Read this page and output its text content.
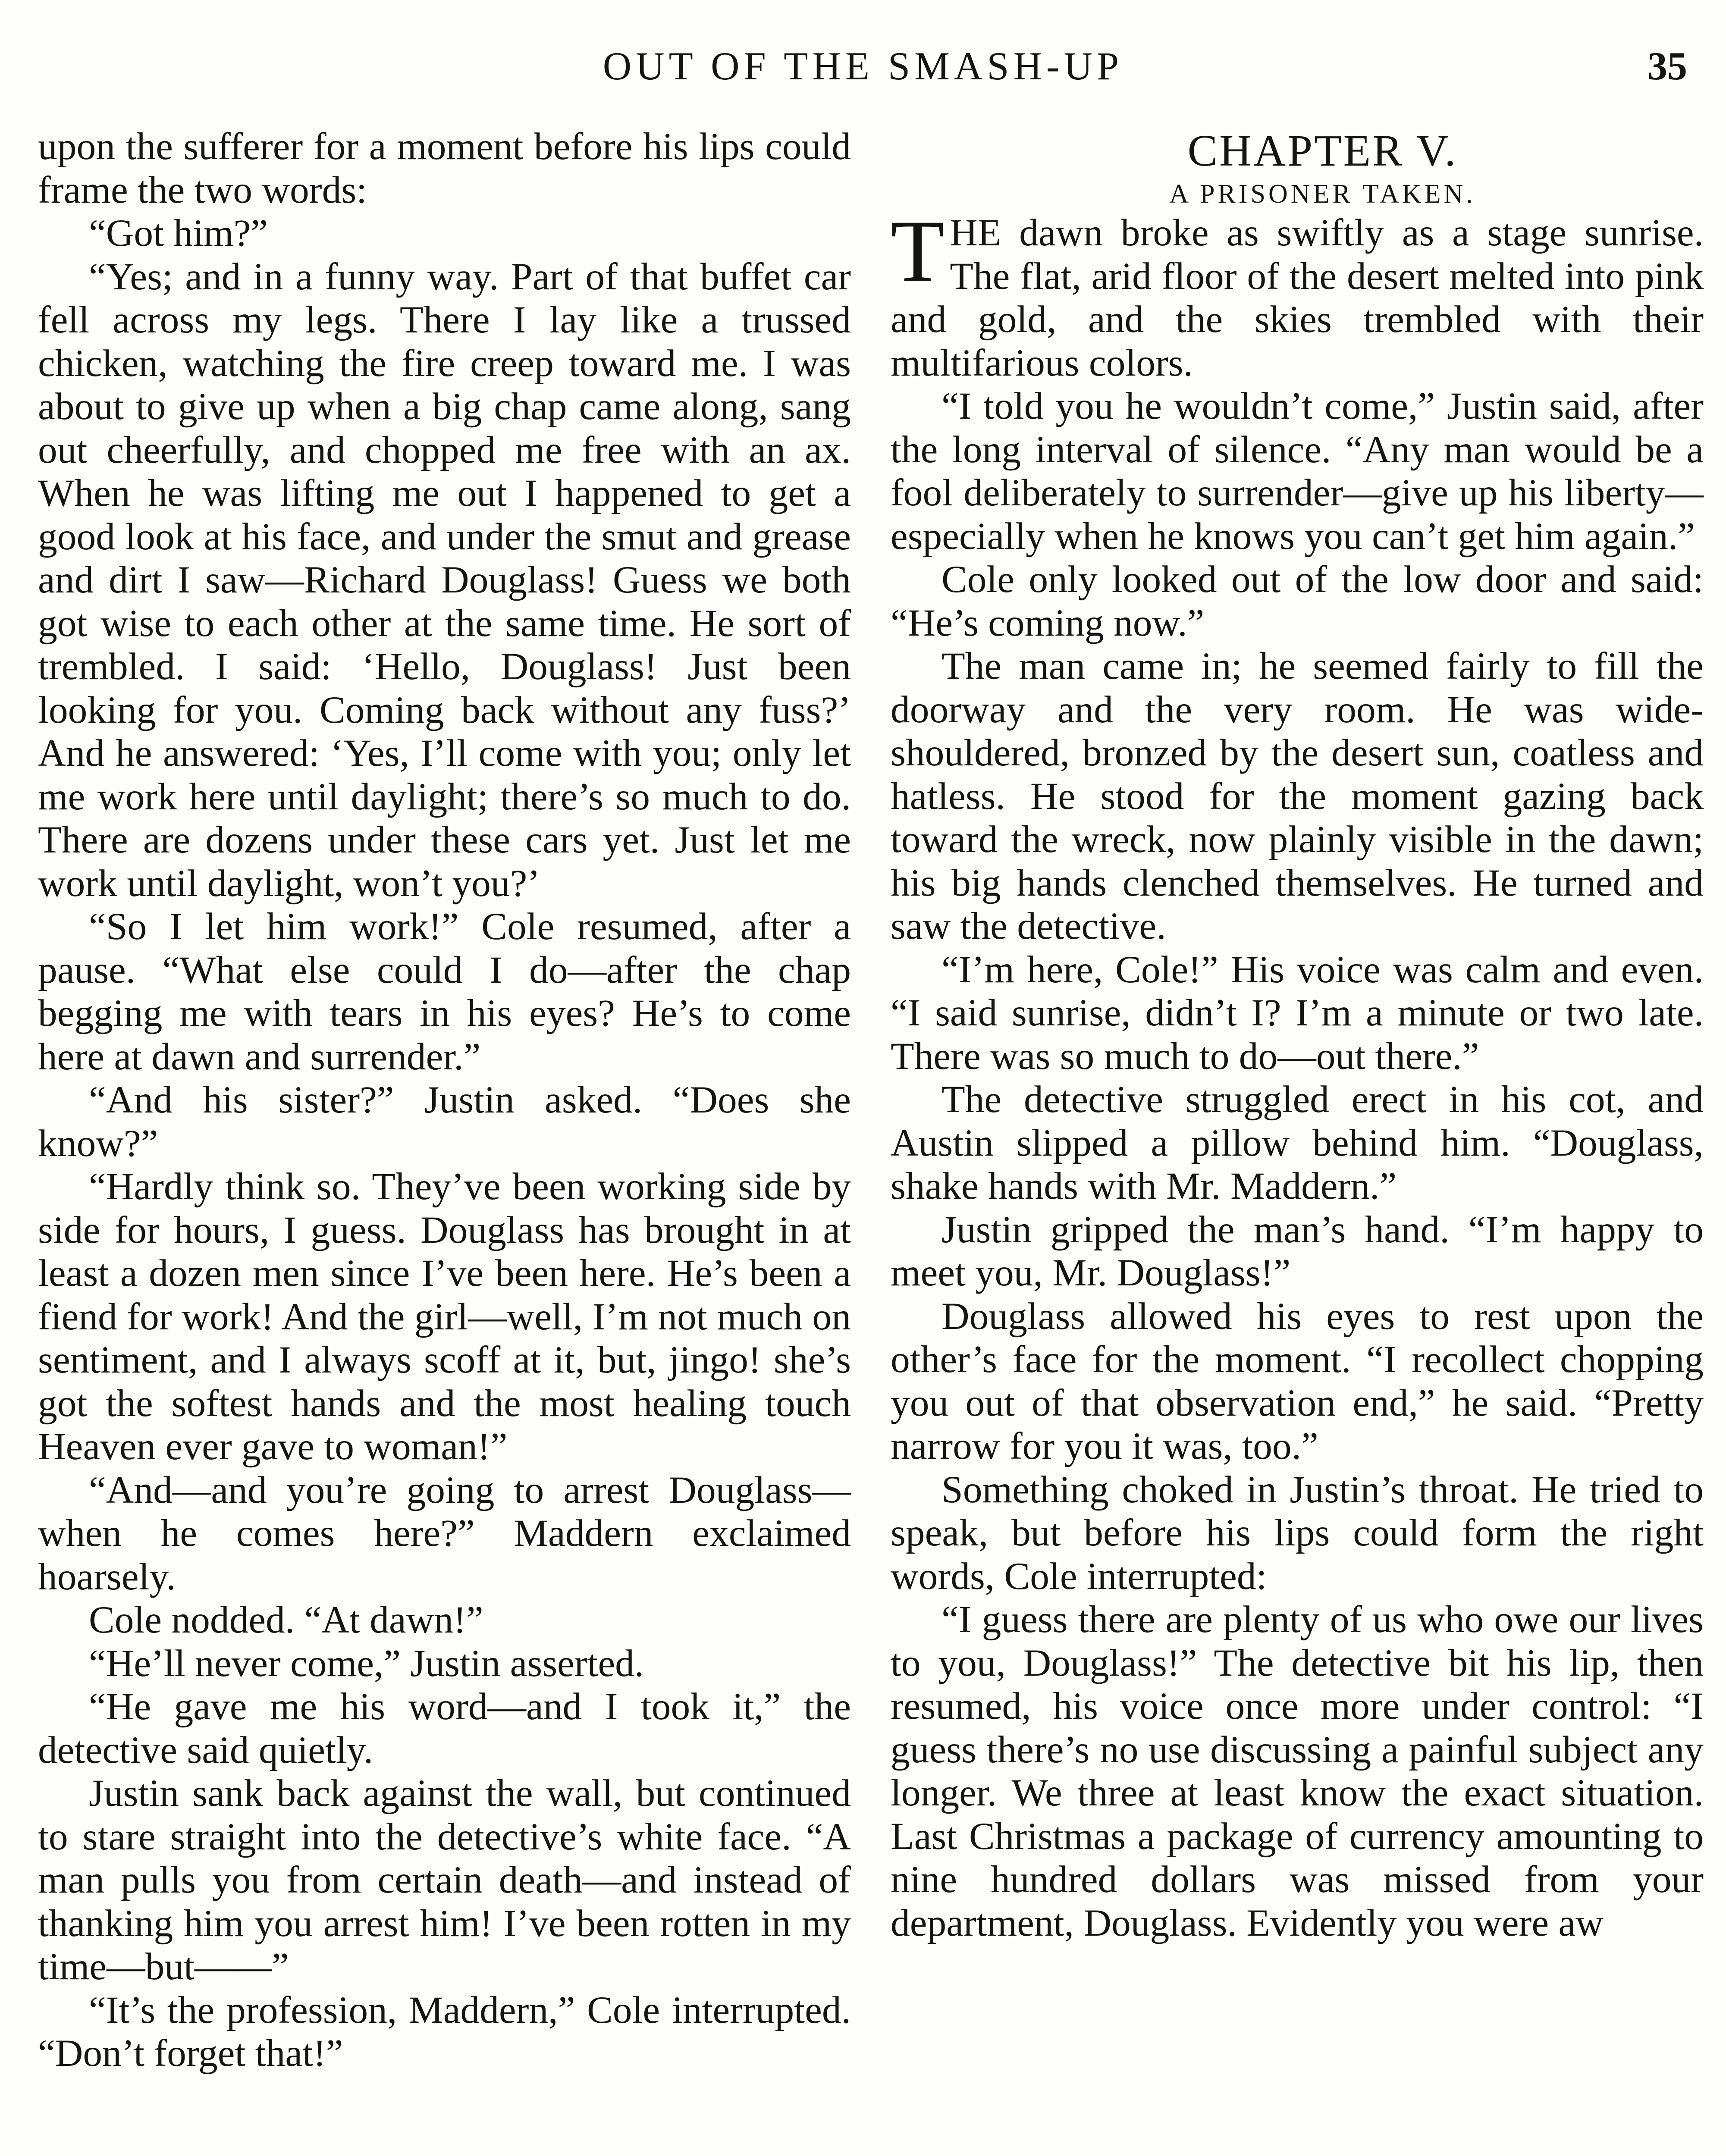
OUT OF THE SMASH-UP	35

upon the sufferer for a moment before his lips could frame the two words:

“Got him?”

“Yes; and in a funny way. Part of that buffet car fell across my legs. There I lay like a trussed chicken, watching the fire creep toward me. I was about to give up when a big chap came along, sang out cheerfully, and chopped me free with an ax. When he was lifting me out I happened to get a good look at his face, and under the smut and grease and dirt I saw—Richard Douglass! Guess we both got wise to each other at the same time. He sort of trembled. I said: ‘Hello, Douglass! Just been looking for you. Coming back without any fuss?’ And he answered: ‘Yes, I’ll come with you; only let me work here until daylight; there’s so much to do. There are dozens under these cars yet. Just let me work until daylight, won’t you?’

“So I let him work!” Cole resumed, after a pause. “What else could I do—after the chap begging me with tears in his eyes? He’s to come here at dawn and surrender.”

“And his sister?” Justin asked. “Does she know?”

“Hardly think so. They’ve been working side by side for hours, I guess. Douglass has brought in at least a dozen men since I’ve been here. He’s been a fiend for work! And the girl—well, I’m not much on sentiment, and I always scoff at it, but, jingo! she’s got the softest hands and the most healing touch Heaven ever gave to woman!”

“And—and you’re going to arrest Douglass—when he comes here?” Maddern exclaimed hoarsely.

Cole nodded. “At dawn!”

“He’ll never come,” Justin asserted.

“He gave me his word—and I took it,” the detective said quietly.

Justin sank back against the wall, but continued to stare straight into the detective’s white face. “A man pulls you from certain death—and instead of thanking him you arrest him! I’ve been rotten in my time—but——”

“It’s the profession, Maddern,” Cole interrupted. “Don’t forget that!”

CHAPTER V.

A PRISONER TAKEN.

THE dawn broke as swiftly as a stage sunrise. The flat, arid floor of the desert melted into pink and gold, and the skies trembled with their multifarious colors.

“I told you he wouldn’t come,” Justin said, after the long interval of silence. “Any man would be a fool deliberately to surrender—give up his liberty—especially when he knows you can’t get him again.”

Cole only looked out of the low door and said: “He’s coming now.”

The man came in; he seemed fairly to fill the doorway and the very room. He was wide-shouldered, bronzed by the desert sun, coatless and hatless. He stood for the moment gazing back toward the wreck, now plainly visible in the dawn; his big hands clenched themselves. He turned and saw the detective.

“I’m here, Cole!” His voice was calm and even. “I said sunrise, didn’t I? I’m a minute or two late. There was so much to do—out there.”

The detective struggled erect in his cot, and Austin slipped a pillow behind him. “Douglass, shake hands with Mr. Maddern.”

Justin gripped the man’s hand. “I’m happy to meet you, Mr. Douglass!”

Douglass allowed his eyes to rest upon the other’s face for the moment. “I recollect chopping you out of that observation end,” he said. “Pretty narrow for you it was, too.”

Something choked in Justin’s throat. He tried to speak, but before his lips could form the right words, Cole interrupted:

“I guess there are plenty of us who owe our lives to you, Douglass!” The detective bit his lip, then resumed, his voice once more under control: “I guess there’s no use discussing a painful subject any longer. We three at least know the exact situation. Last Christmas a package of currency amounting to nine hundred dollars was missed from your department, Douglass. Evidently you were aw
